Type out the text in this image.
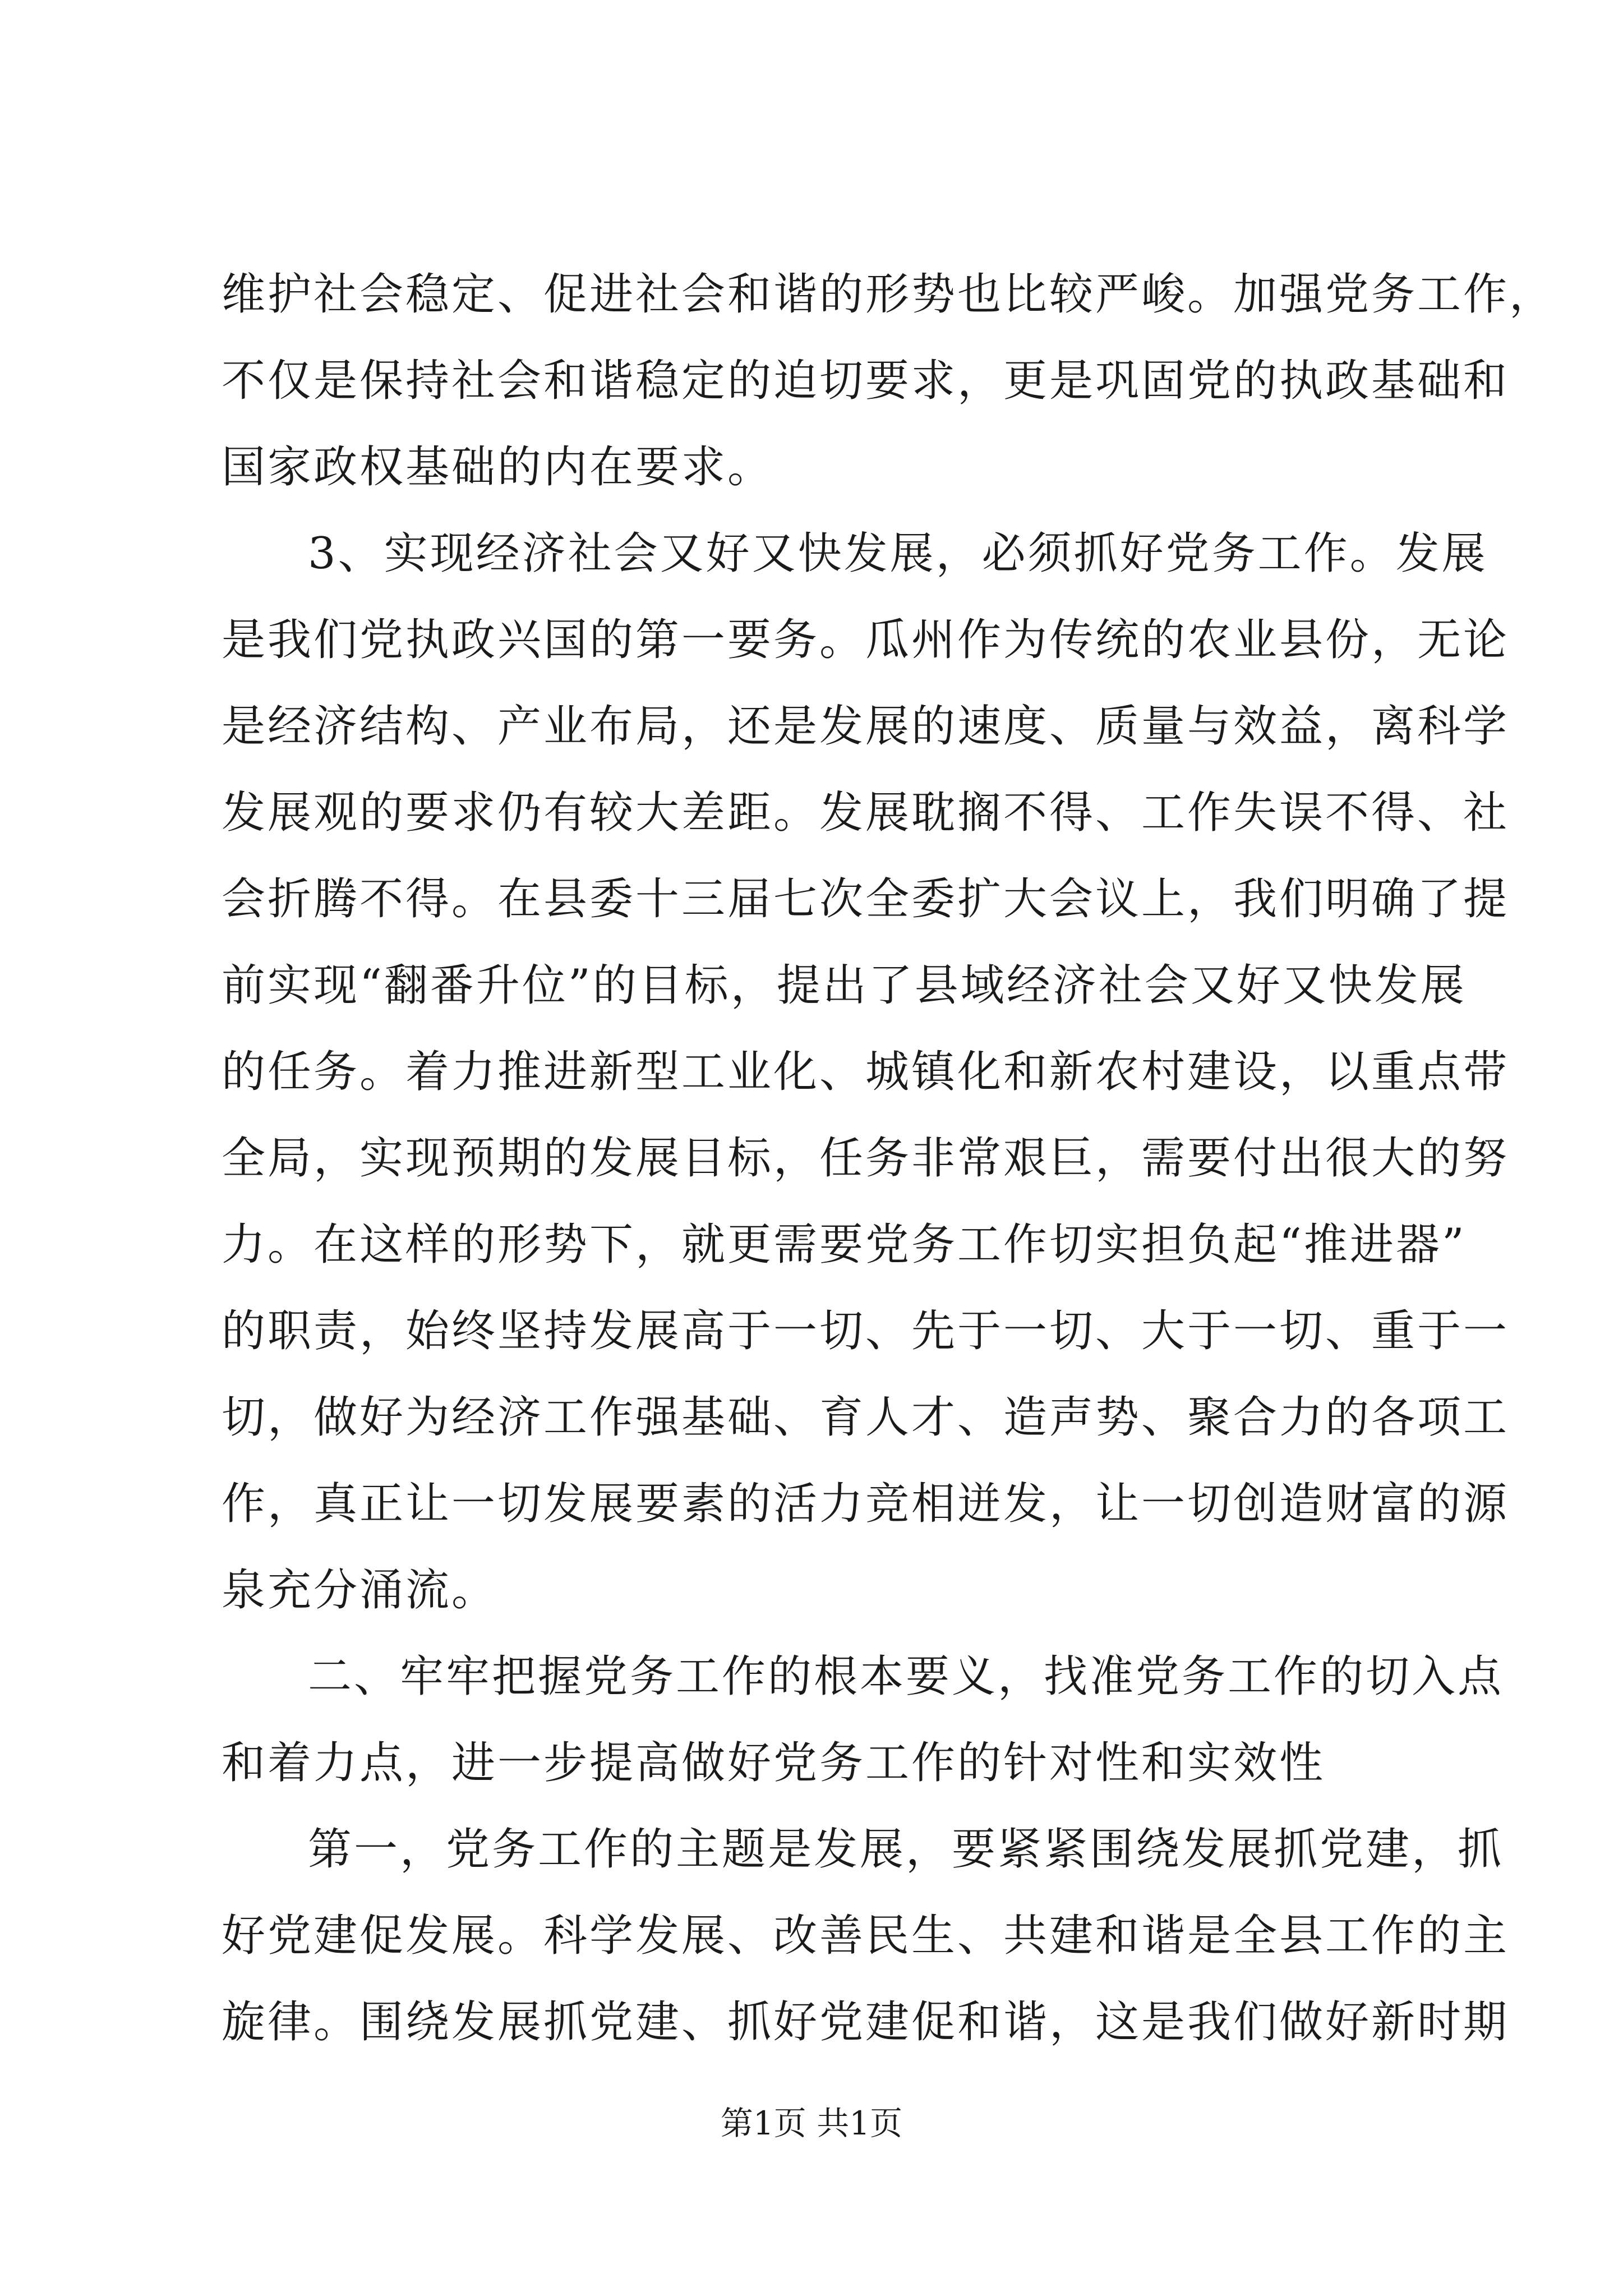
维护社会稳定、促进社会和谐的形势也比较严峻。加强党务工作，
不仅是保持社会和谐稳定的迫切要求，更是巩固党的执政基础和
国家政权基础的内在要求。
3、实现经济社会又好又快发展，必须抓好党务工作。发展
是我们党执政兴国的第一要务。瓜州作为传统的农业县份，无论
是经济结构、产业布局，还是发展的速度、质量与效益，离科学
发展观的要求仍有较大差距。发展耽搁不得、工作失误不得、社
会折腾不得。在县委十三届七次全委扩大会议上，我们明确了提
前实现“翻番升位”的目标，提出了县域经济社会又好又快发展
的任务。着力推进新型工业化、城镇化和新农村建设，以重点带
全局，实现预期的发展目标，任务非常艰巨，需要付出很大的努
力。在这样的形势下，就更需要党务工作切实担负起“推进器”
的职责，始终坚持发展高于一切、先于一切、大于一切、重于一
切，做好为经济工作强基础、育人才、造声势、聚合力的各项工
作，真正让一切发展要素的活力竞相迸发，让一切创造财富的源
泉充分涌流。
二、牢牢把握党务工作的根本要义，找准党务工作的切入点
和着力点，进一步提高做好党务工作的针对性和实效性
第一，党务工作的主题是发展，要紧紧围绕发展抓党建，抓
好党建促发展。科学发展、改善民生、共建和谐是全县工作的主
旋律。围绕发展抓党建、抓好党建促和谐，这是我们做好新时期
第1页 共1页
